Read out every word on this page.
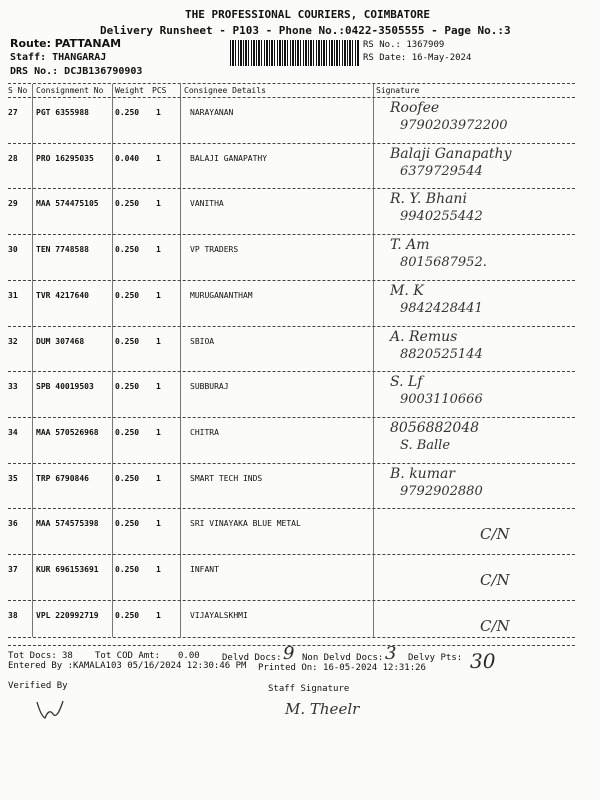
THE PROFESSIONAL COURIERS, COIMBATORE
Delivery Runsheet - P103 - Phone No.:0422-3505555 - Page No.:3
Route: PATTANAM
Staff: THANGARAJ
DRS No.: DCJB136790903
RS No.: 1367909
RS Date: 16-May-2024
S No Consignment No Weight PCS Consignee Details	Signature
27 PGT 6355988	0.250 1	NARAYANAN	Roofee
9790203972200
28 PRO 16295035	0.040 1	BALAJI GANAPATHY	Balaji Ganapathy
6379729544
29 MAA 574475105 0.250 1	VANITHA	R. Y. Bhani
9940255442
30 TEN 7748588	0.250 1	VP TRADERS	T. Am
8015687952.
31 TVR 4217640	0.250 1	MURUGANANTHAM	M. K
9842428441
32 DUM 307468	0.250 1	SBIOA	A. Remus
8820525144
33 SPB 40019503	0.250 1	SUBBURAJ	S. Lf
9003110666
34 MAA 570526968 0.250 1	CHITRA	8056882048
S. Balle
35 TRP 6790846	0.250 1	SMART TECH INDS	B. kumar
9792902880
36 MAA 574575398 0.250 1	SRI VINAYAKA BLUE METAL
C/N
37 KUR 696153691 0.250 1	INFANT
C/N
38 VPL 220992719 0.250 1	VIJAYALSKHMI
C/N
Tot Docs: 38 Tot COD Amt: 0.00 Delvd Docs: 9 Non Delvd Docs: 3 Delvy Pts: 30
Entered By :KAMALA103 05/16/2024 12:30:46 PM Printed On: 16-05-2024 12:31:26
Verified By	Staff Signature
M. Theelr
